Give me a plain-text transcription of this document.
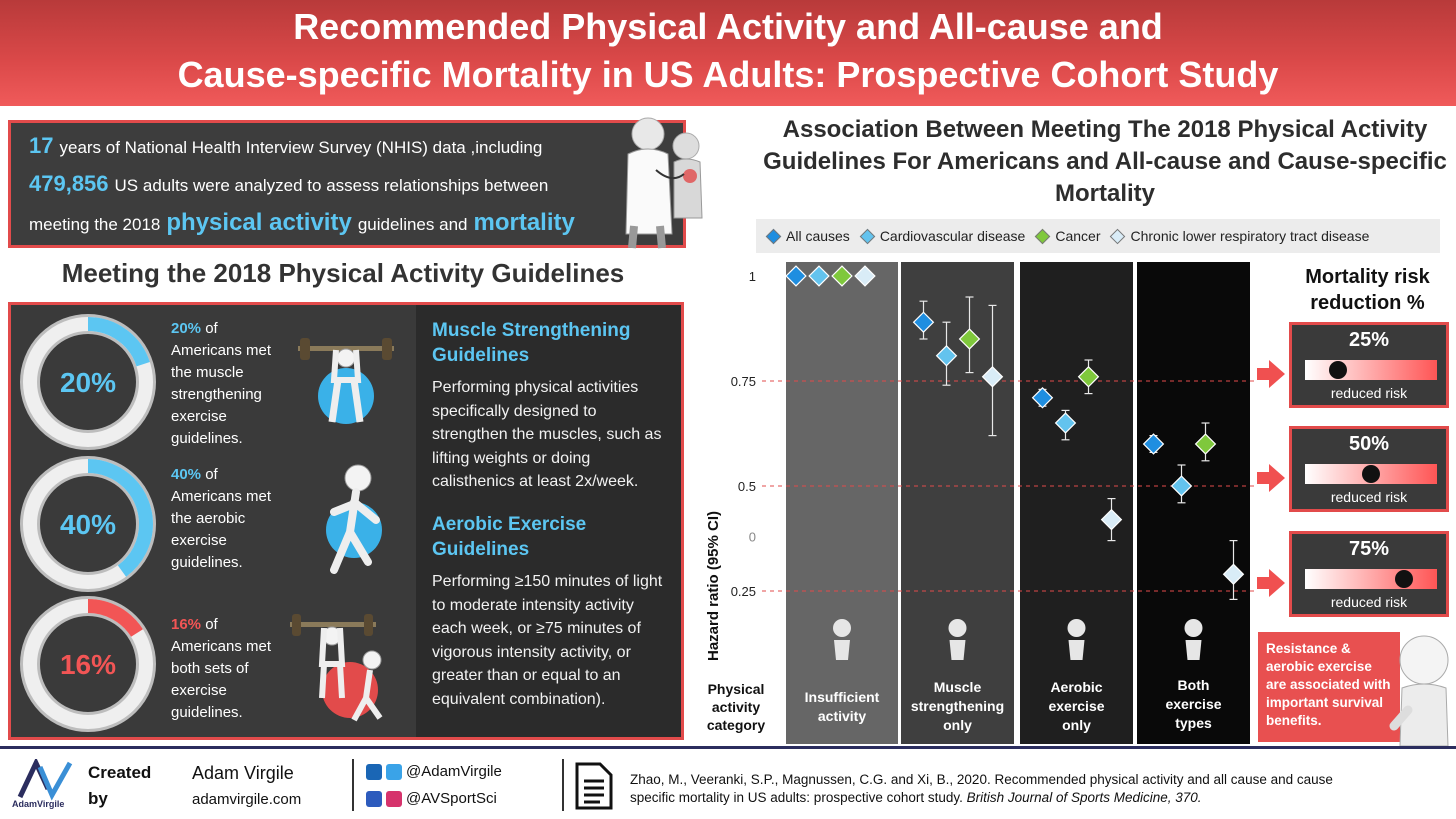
Recommended Physical Activity and All-cause and
Cause-specific Mortality in US Adults: Prospective Cohort Study
17 years of National Health Interview Survey (NHIS) data ,including
479,856 US adults were analyzed to assess relationships between
meeting the 2018 physical activity guidelines and mortality
Meeting the 2018 Physical Activity Guidelines
20%
40%
16%
20% of Americans met the muscle strengthening exercise guidelines.
40% of Americans met the aerobic exercise guidelines.
16% of Americans met both sets of exercise guidelines.
Muscle Strengthening Guidelines
Performing physical activities specifically designed to strengthen the muscles, such as lifting weights or doing calisthenics at least 2x/week.
Aerobic Exercise Guidelines
Performing ≥150 minutes of light to moderate intensity activity each week, or ≥75 minutes of vigorous intensity activity, or greater than or equal to an equivalent combination).
Association Between Meeting The 2018 Physical Activity Guidelines For Americans and All-cause and Cause-specific Mortality
All causes Cardiovascular disease Cancer Chronic lower respiratory tract disease
0
0.25
0.5
0.75
1
Insufficient
activity
Muscle
strengthening
only
Aerobic
exercise
only
Both
exercise
types
Hazard ratio (95% CI)
Physical
activity
category
Mortality risk reduction %
25%
reduced risk
50%
reduced risk
75%
reduced risk
Resistance & aerobic exercise are associated with important survival benefits.
AdamVirgile
Created
by
Adam Virgile
adamvirgile.com
@AdamVirgile
@AVSportSci
Zhao, M., Veeranki, S.P., Magnussen, C.G. and Xi, B., 2020. Recommended physical activity and all cause and cause specific mortality in US adults: prospective cohort study. British Journal of Sports Medicine, 370.
